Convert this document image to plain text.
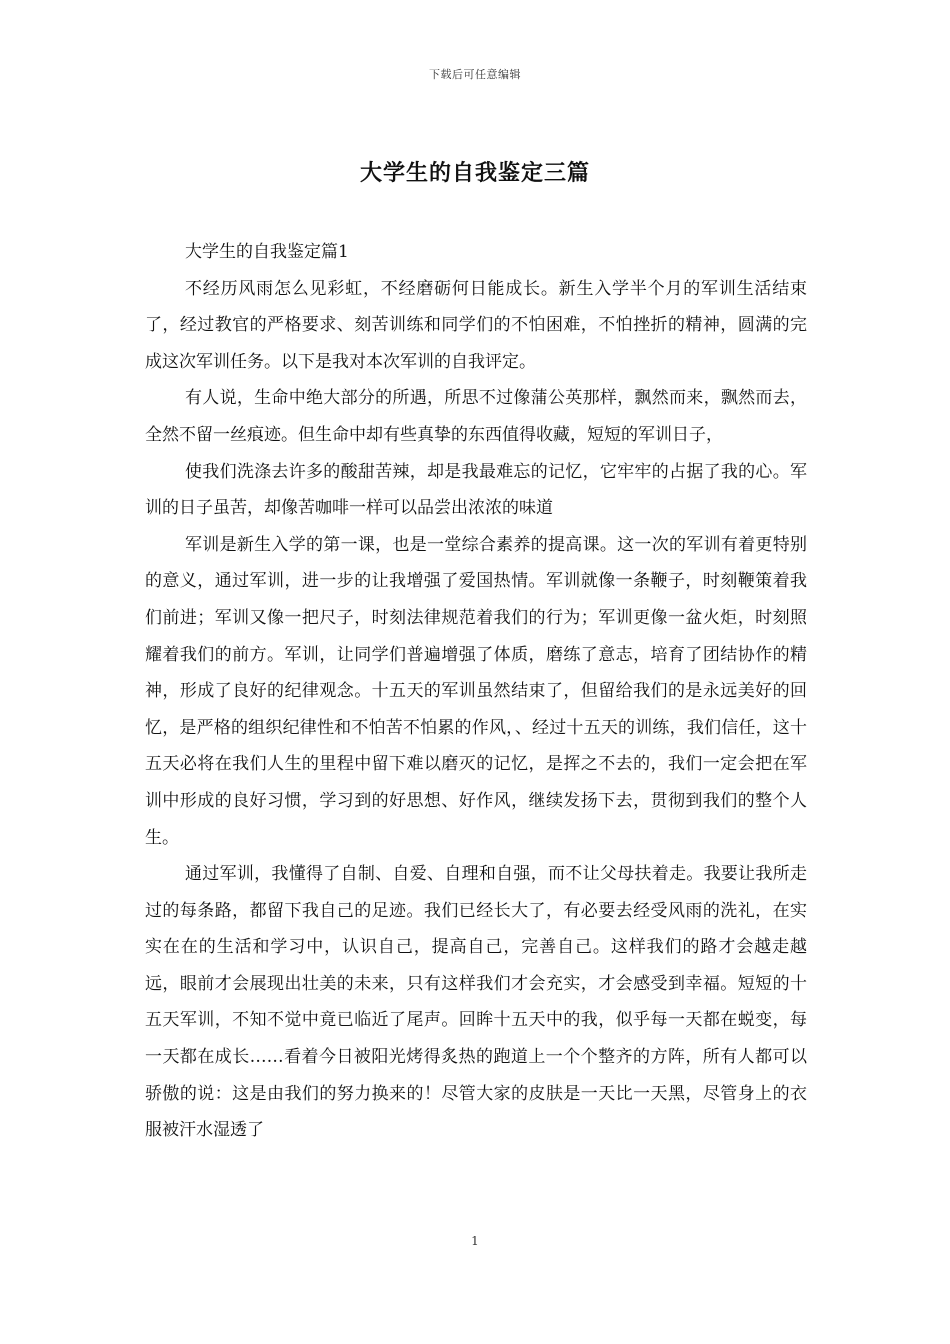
下载后可任意编辑
大学生的自我鉴定三篇

大学生的自我鉴定篇1

不经历风雨怎么见彩虹，不经磨砺何日能成长。新生入学半个月的军训生活结束了，经过教官的严格要求、刻苦训练和同学们的不怕困难，不怕挫折的精神，圆满的完成这次军训任务。以下是我对本次军训的自我评定。

有人说，生命中绝大部分的所遇，所思不过像蒲公英那样，飘然而来，飘然而去，全然不留一丝痕迹。但生命中却有些真挚的东西值得收藏，短短的军训日子，

使我们洗涤去许多的酸甜苦辣，却是我最难忘的记忆，它牢牢的占据了我的心。军训的日子虽苦，却像苦咖啡一样可以品尝出浓浓的味道

军训是新生入学的第一课，也是一堂综合素养的提高课。这一次的军训有着更特别的意义，通过军训，进一步的让我增强了爱国热情。军训就像一条鞭子，时刻鞭策着我们前进；军训又像一把尺子，时刻法律规范着我们的行为；军训更像一盆火炬，时刻照耀着我们的前方。军训，让同学们普遍增强了体质，磨练了意志，培育了团结协作的精神，形成了良好的纪律观念。十五天的军训虽然结束了，但留给我们的是永远美好的回忆，是严格的组织纪律性和不怕苦不怕累的作风，、经过十五天的训练，我们信任，这十五天必将在我们人生的里程中留下难以磨灭的记忆，是挥之不去的，我们一定会把在军训中形成的良好习惯，学习到的好思想、好作风，继续发扬下去，贯彻到我们的整个人生。

通过军训，我懂得了自制、自爱、自理和自强，而不让父母扶着走。我要让我所走过的每条路，都留下我自己的足迹。我们已经长大了，有必要去经受风雨的洗礼，在实实在在的生活和学习中，认识自己，提高自己，完善自己。这样我们的路才会越走越远，眼前才会展现出壮美的未来，只有这样我们才会充实，才会感受到幸福。短短的十五天军训，不知不觉中竟已临近了尾声。回眸十五天中的我，似乎每一天都在蜕变，每一天都在成长……看着今日被阳光烤得炙热的跑道上一个个整齐的方阵，所有人都可以骄傲的说：这是由我们的努力换来的！尽管大家的皮肤是一天比一天黑，尽管身上的衣服被汗水湿透了

1
